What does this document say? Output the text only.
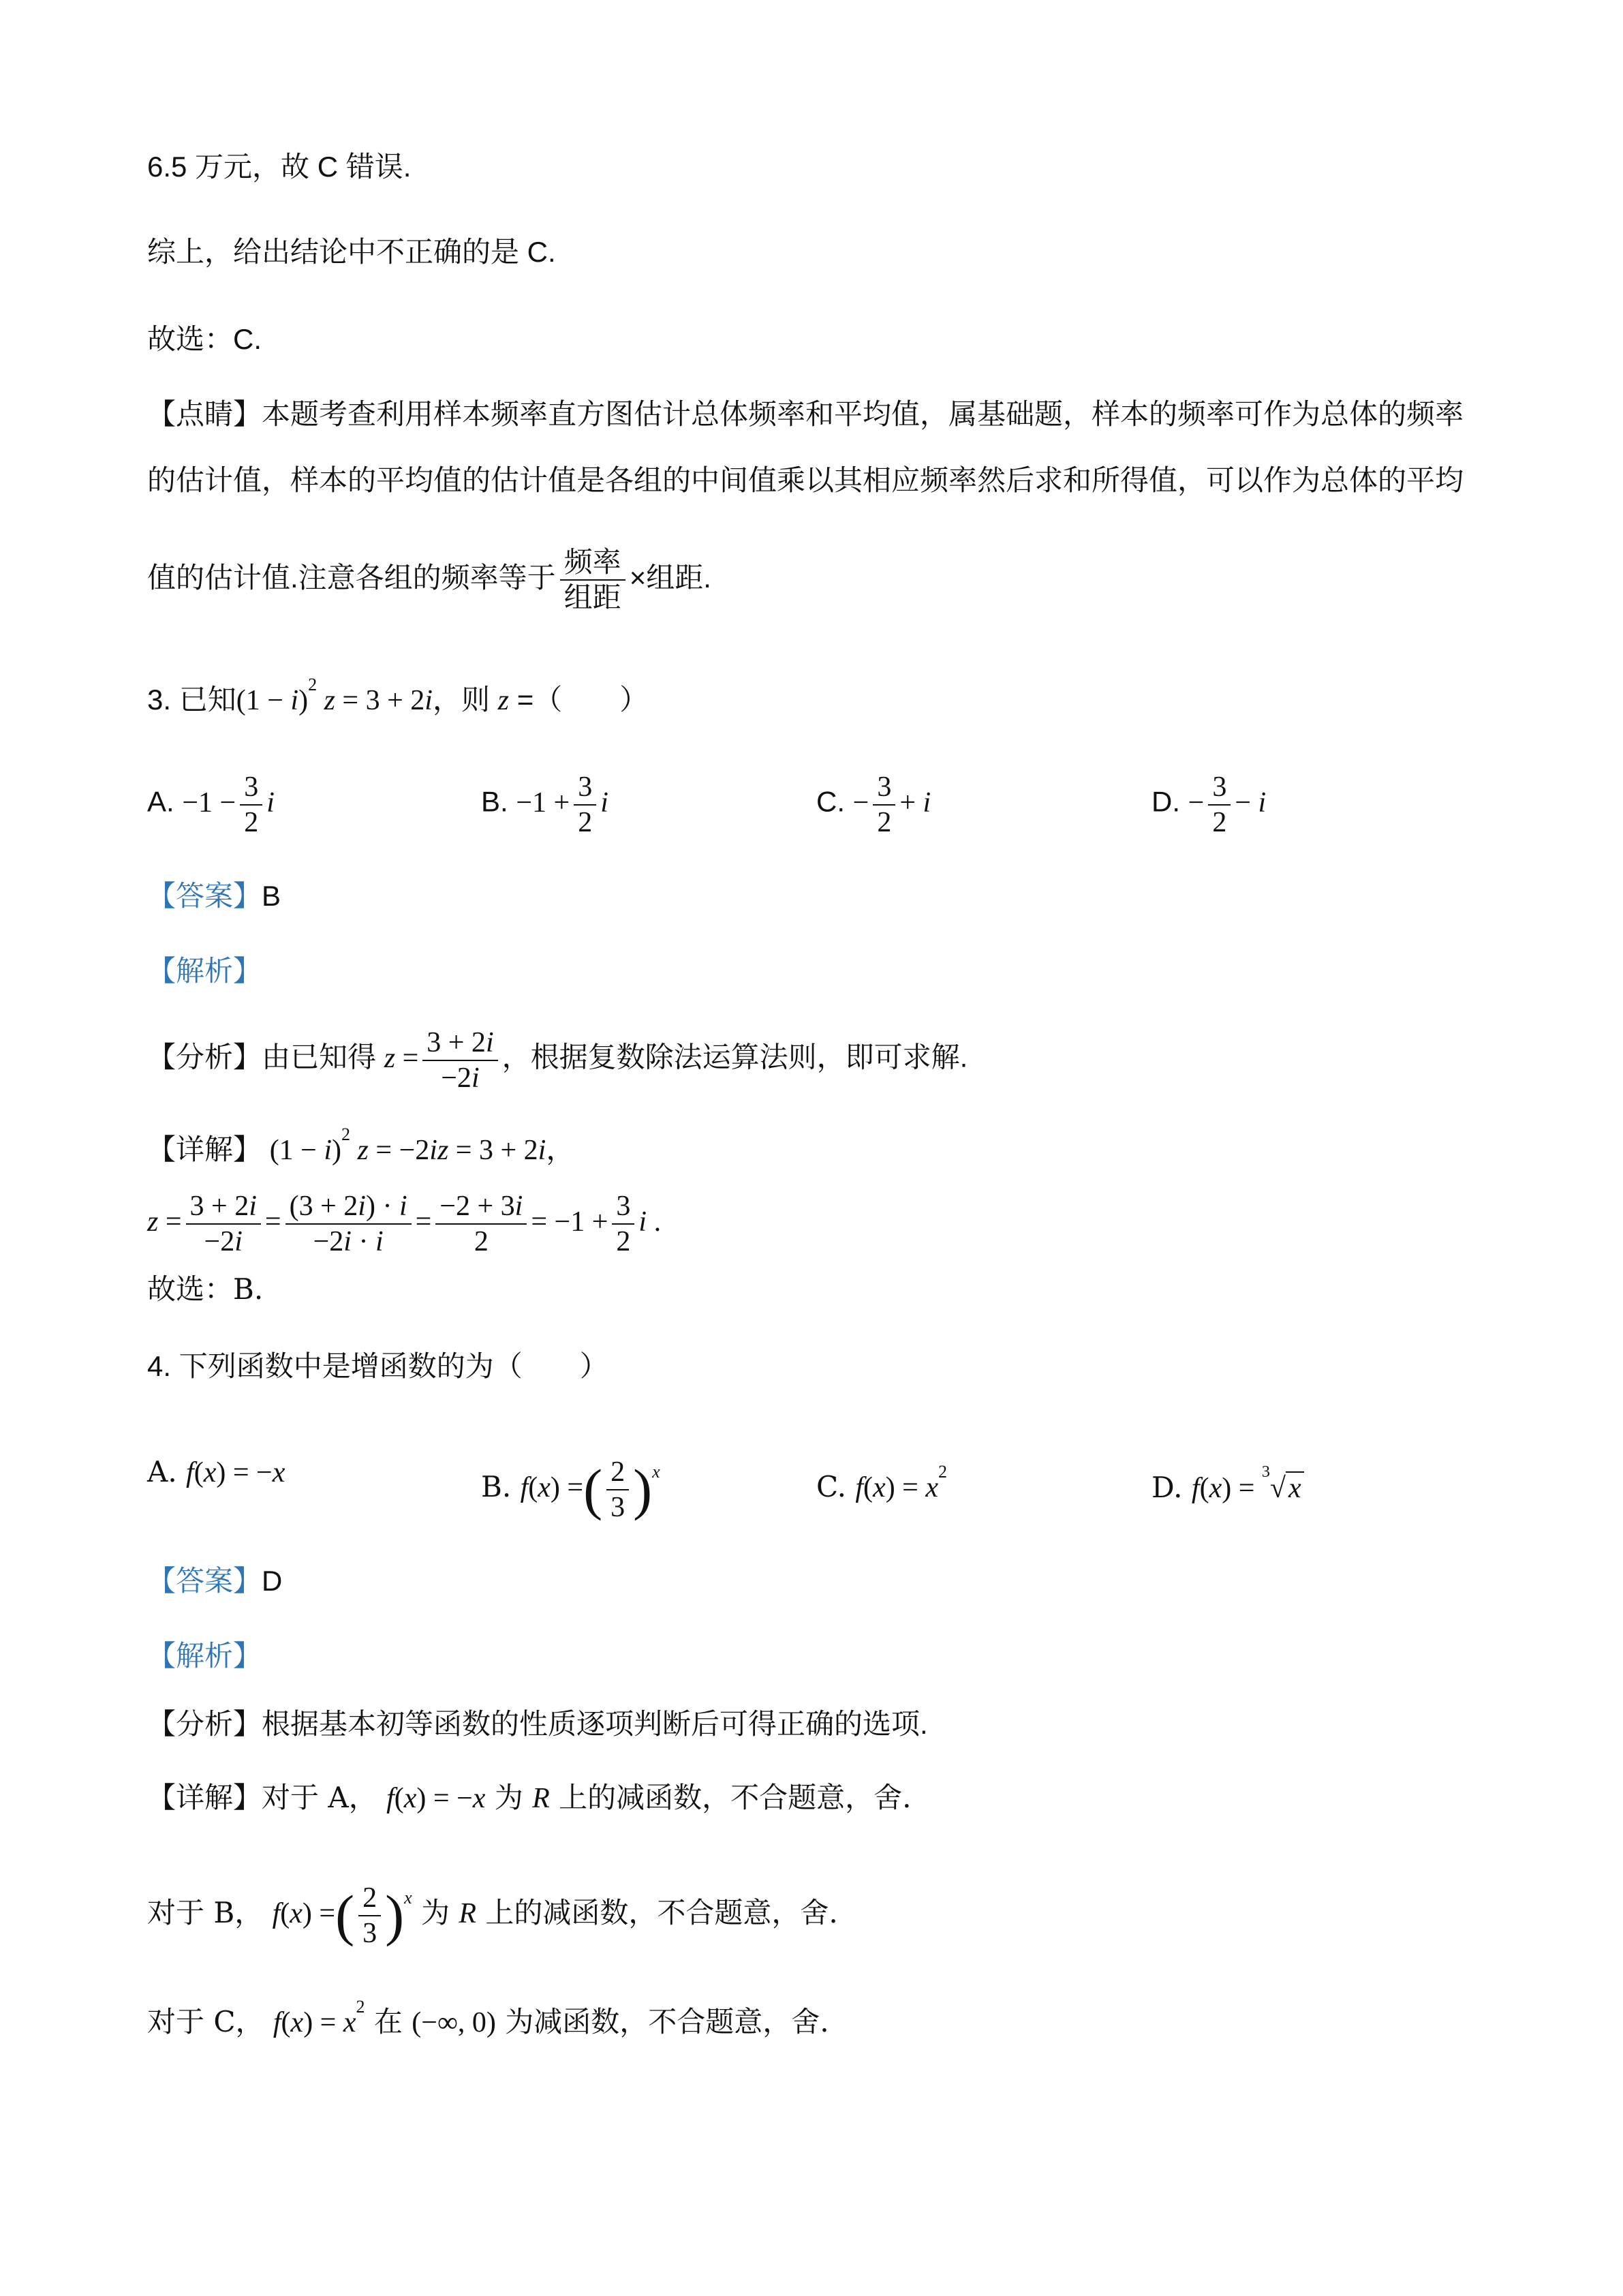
6.5 万元，故 C 错误.
综上，给出结论中不正确的是 C.
故选：C.
【点睛】本题考查利用样本频率直方图估计总体频率和平均值，属基础题，样本的频率可作为总体的频率
的估计值，样本的平均值的估计值是各组的中间值乘以其相应频率然后求和所得值，可以作为总体的平均
值的估计值.注意各组的频率等于 $\frac{\text{频率}}{\text{组距}}$ ×组距.
3. 已知$(1 - i)^2$ z = 3 + 2i，则 z =（　　）
A. $-1 - \frac{3}{2}$ i	B. $-1 + \frac{3}{2}$ i	C. − $\frac{3}{2} + i$	D. − $\frac{3}{2} - i$
【答案】B
【解析】
【分析】由已知得 $z = \frac{3 + 2i}{-2i}$ ，根据复数除法运算法则，即可求解.
【详解】 $(1 - i)^2$ z = −2iz = 3 + 2i，
$z = \frac{3 + 2i}{-2i} = \frac{(3 + 2i) \cdot i}{-2i \cdot i} = \frac{-2 + 3i}{2} = -1 + \frac{3}{2}$ i .
故选：B.
4. 下列函数中是增函数的为（　　）
A. f(x) = −x	B. f(x) =( $\frac{2}{3} )^x$	C. $f(x) = x^2$	D. f(x) = $^3$√x
【答案】D
【解析】
【分析】根据基本初等函数的性质逐项判断后可得正确的选项.
【详解】对于 A， f(x) = −x 为 R 上的减函数，不合题意，舍.
对于 B， f(x) =( $\frac{2}{3} )^x$ 为 R 上的减函数，不合题意，舍.
对于 C， $f(x) = x^2$ 在 (−∞, 0) 为减函数，不合题意，舍.
